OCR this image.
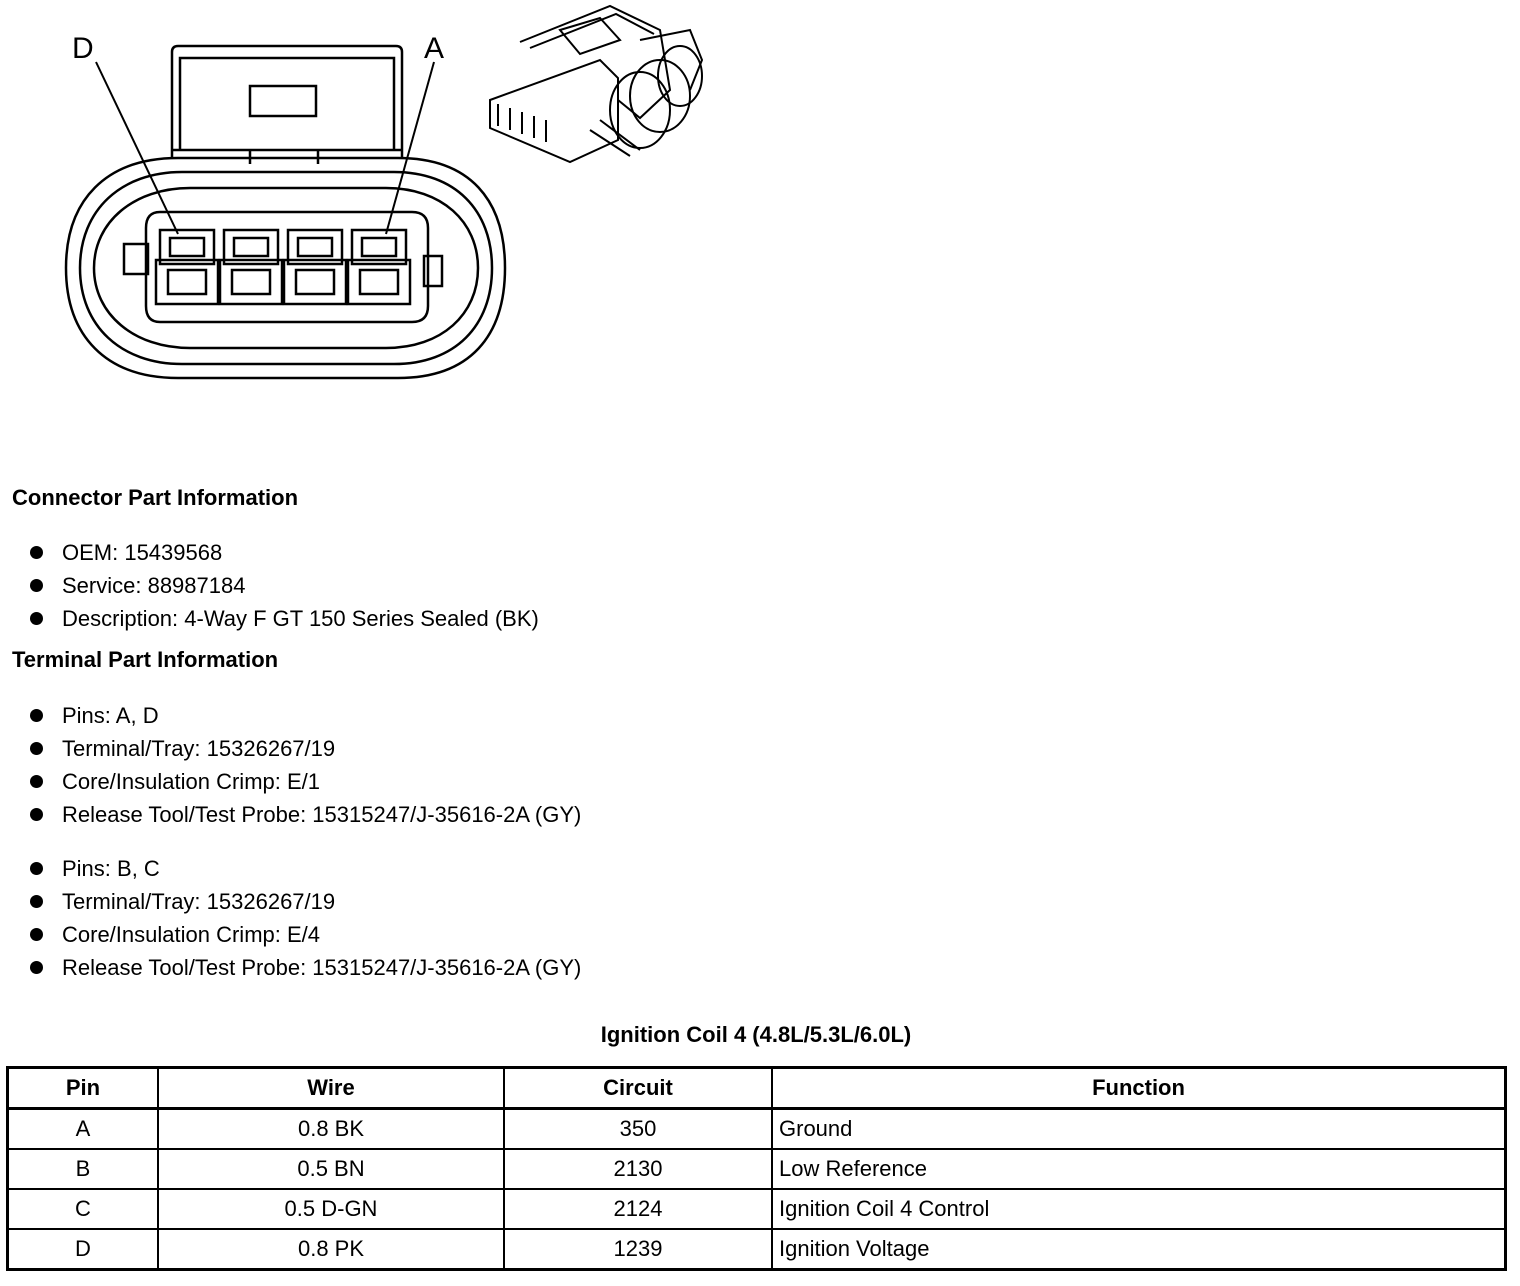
D	A
Connector Part Information
OEM: 15439568
Service: 88987184
Description: 4-Way F GT 150 Series Sealed (BK)
Terminal Part Information
Pins: A, D
Terminal/Tray: 15326267/19
Core/Insulation Crimp: E/1
Release Tool/Test Probe: 15315247/J-35616-2A (GY)
Pins: B, C
Terminal/Tray: 15326267/19
Core/Insulation Crimp: E/4
Release Tool/Test Probe: 15315247/J-35616-2A (GY)
Ignition Coil 4 (4.8L/5.3L/6.0L)
Pin	Wire	Circuit	Function
A	0.8 BK	350	Ground
B	0.5 BN	2130	Low Reference
C	0.5 D-GN	2124	Ignition Coil 4 Control
D	0.8 PK	1239	Ignition Voltage
